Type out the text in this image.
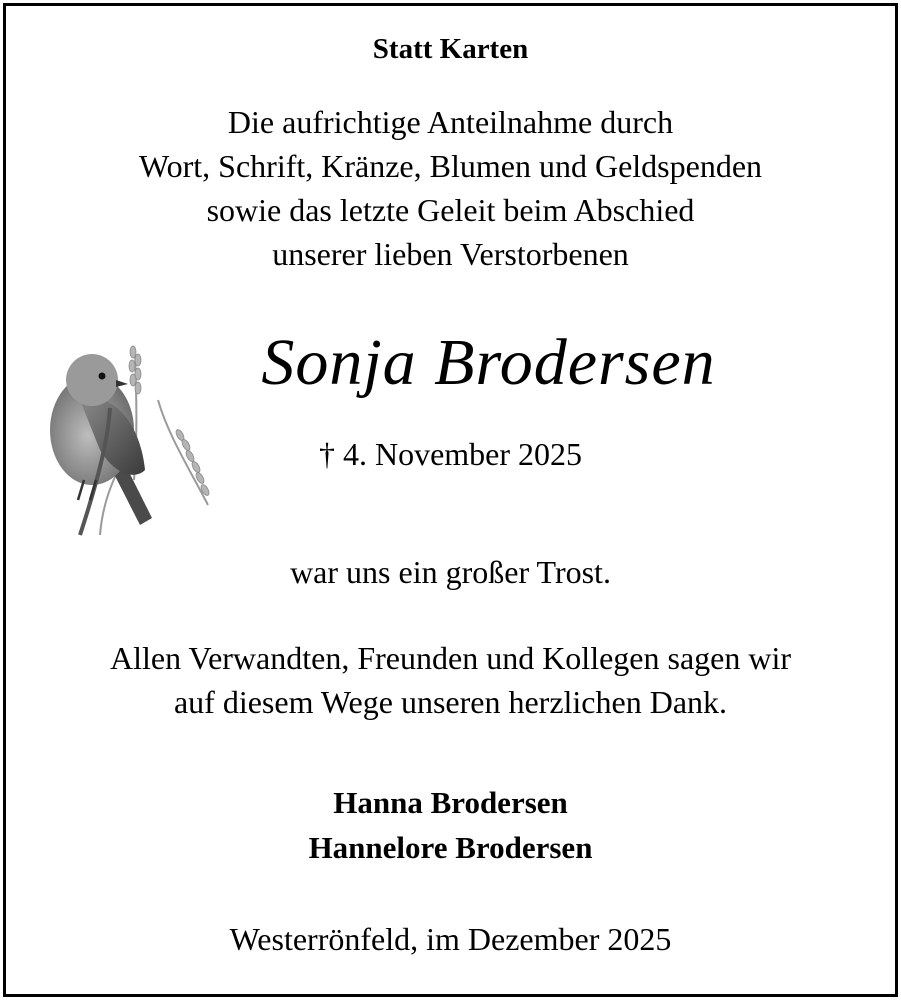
Statt Karten
Die aufrichtige Anteilnahme durch
Wort, Schrift, Kränze, Blumen und Geldspenden
sowie das letzte Geleit beim Abschied
unserer lieben Verstorbenen
Sonja Brodersen
† 4. November 2025
war uns ein großer Trost.
Allen Verwandten, Freunden und Kollegen sagen wir
auf diesem Wege unseren herzlichen Dank.
Hanna Brodersen
Hannelore Brodersen
Westerrönfeld, im Dezember 2025
